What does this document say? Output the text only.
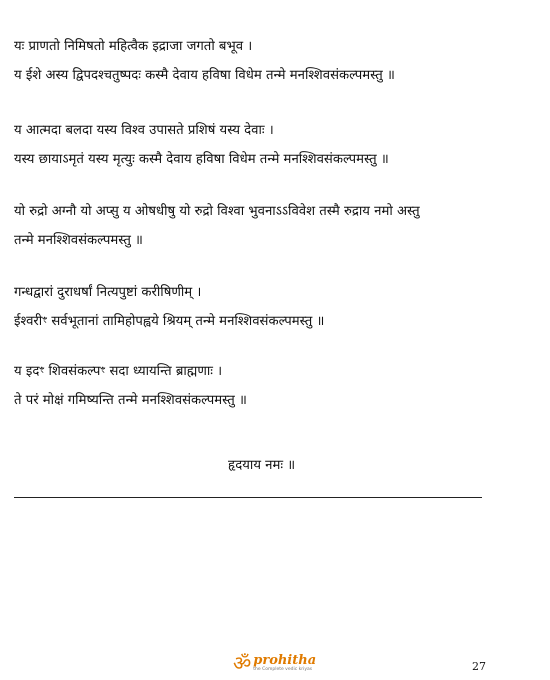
यः प्राणतो निमिषतो महित्वैक इद्राजा जगतो बभूव ।
य ईशे अस्य द्विपदश्चतुष्पदः कस्मै देवाय हविषा विधेम तन्मे मनश्शिवसंकल्पमस्तु ॥
य आत्मदा बलदा यस्य विश्व उपासते प्रशिषं यस्य देवाः ।
यस्य छायाऽमृतं यस्य मृत्युः कस्मै देवाय हविषा विधेम तन्मे मनश्शिवसंकल्पमस्तु ॥
यो रुद्रो अग्नौ यो अप्सु य ओषधीषु यो रुद्रो विश्वा भुवनाऽऽविवेश तस्मै रुद्राय नमो अस्तु
तन्मे मनश्शिवसंकल्पमस्तु ॥
गन्धद्वारां दुराधर्षां नित्यपुष्टां करीषिणीम् ।
ईश्वरीꣳ सर्वभूतानां तामिहोपह्वये श्रियम् तन्मे मनश्शिवसंकल्पमस्तु ॥
य इदꣳ शिवसंकल्पꣳ सदा ध्यायन्ति ब्राह्मणाः ।
ते परं मोक्षं गमिष्यन्ति तन्मे मनश्शिवसंकल्पमस्तु ॥
हृदयाय नमः ॥
ॐ prohitha
the Complete vedic kriyas	27
